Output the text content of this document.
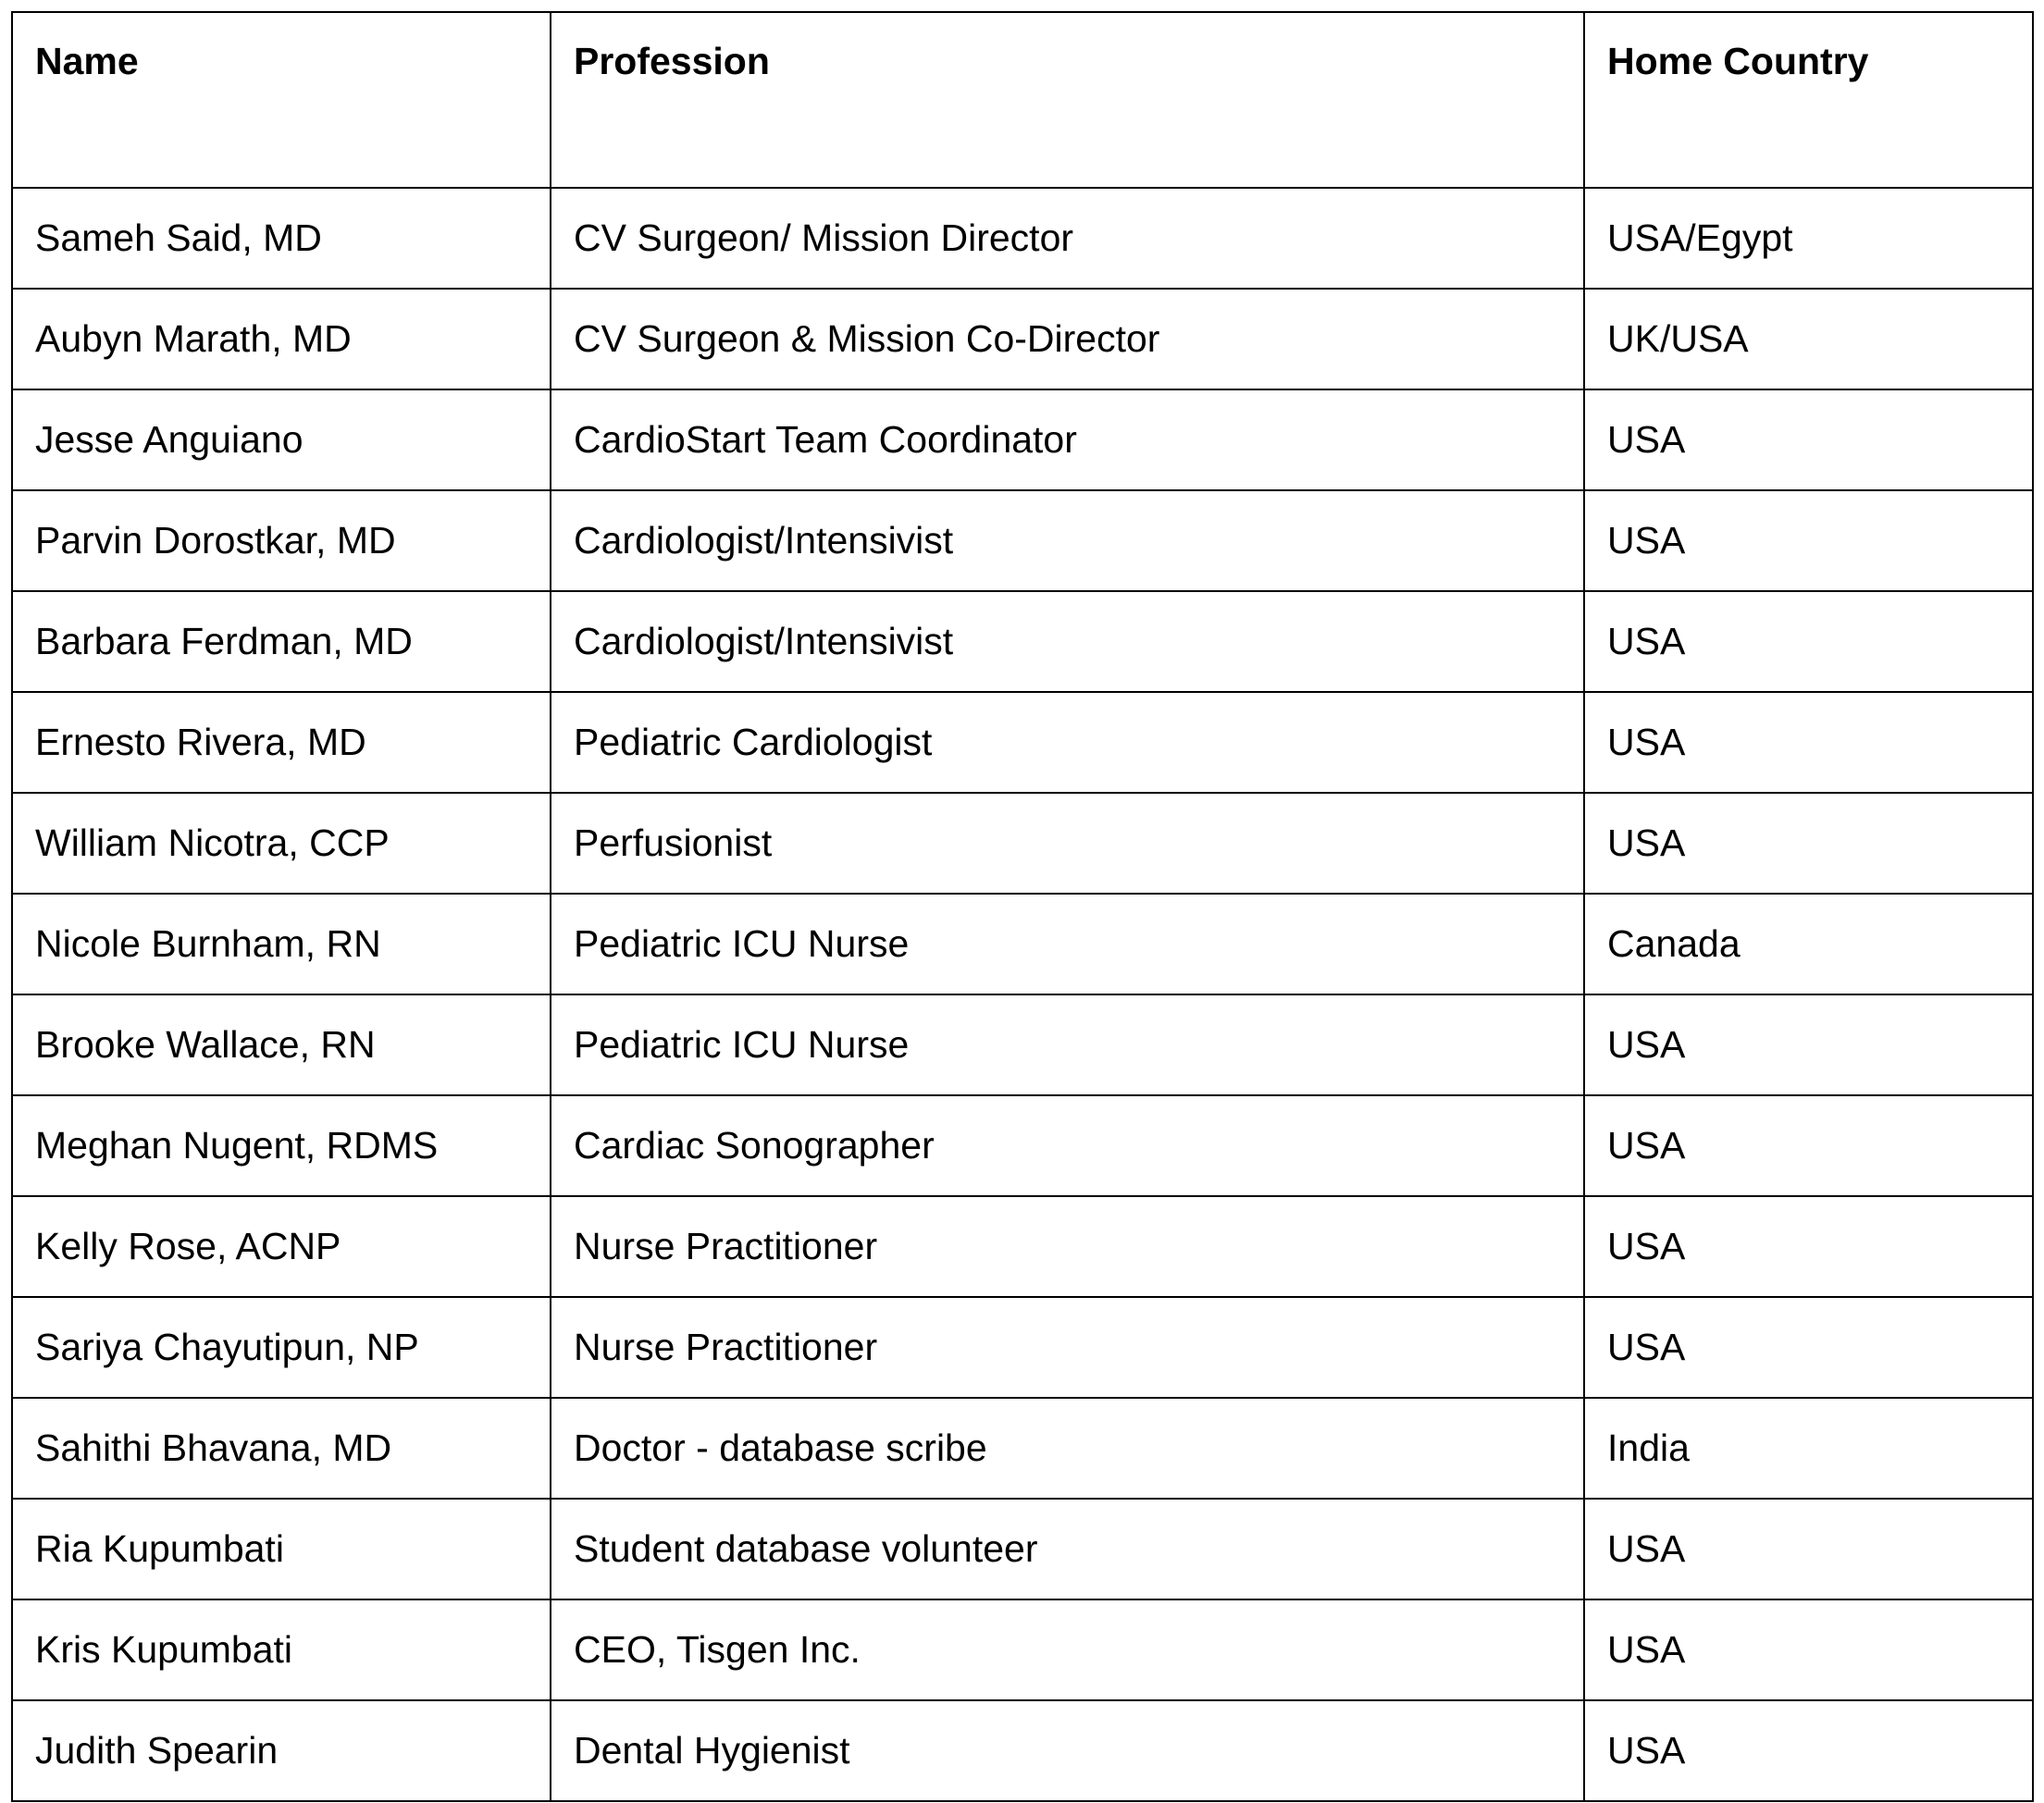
Name	Profession	Home Country
Sameh Said, MD	CV Surgeon/ Mission Director	USA/Egypt
Aubyn Marath, MD	CV Surgeon & Mission Co-Director	UK/USA
Jesse Anguiano	CardioStart Team Coordinator	USA
Parvin Dorostkar, MD	Cardiologist/Intensivist	USA
Barbara Ferdman, MD	Cardiologist/Intensivist	USA
Ernesto Rivera, MD	Pediatric Cardiologist	USA
William Nicotra, CCP	Perfusionist	USA
Nicole Burnham, RN	Pediatric ICU Nurse	Canada
Brooke Wallace, RN	Pediatric ICU Nurse	USA
Meghan Nugent, RDMS	Cardiac Sonographer	USA
Kelly Rose, ACNP	Nurse Practitioner	USA
Sariya Chayutipun, NP	Nurse Practitioner	USA
Sahithi Bhavana, MD	Doctor - database scribe	India
Ria Kupumbati	Student database volunteer	USA
Kris Kupumbati	CEO, Tisgen Inc.	USA
Judith Spearin	Dental Hygienist	USA
